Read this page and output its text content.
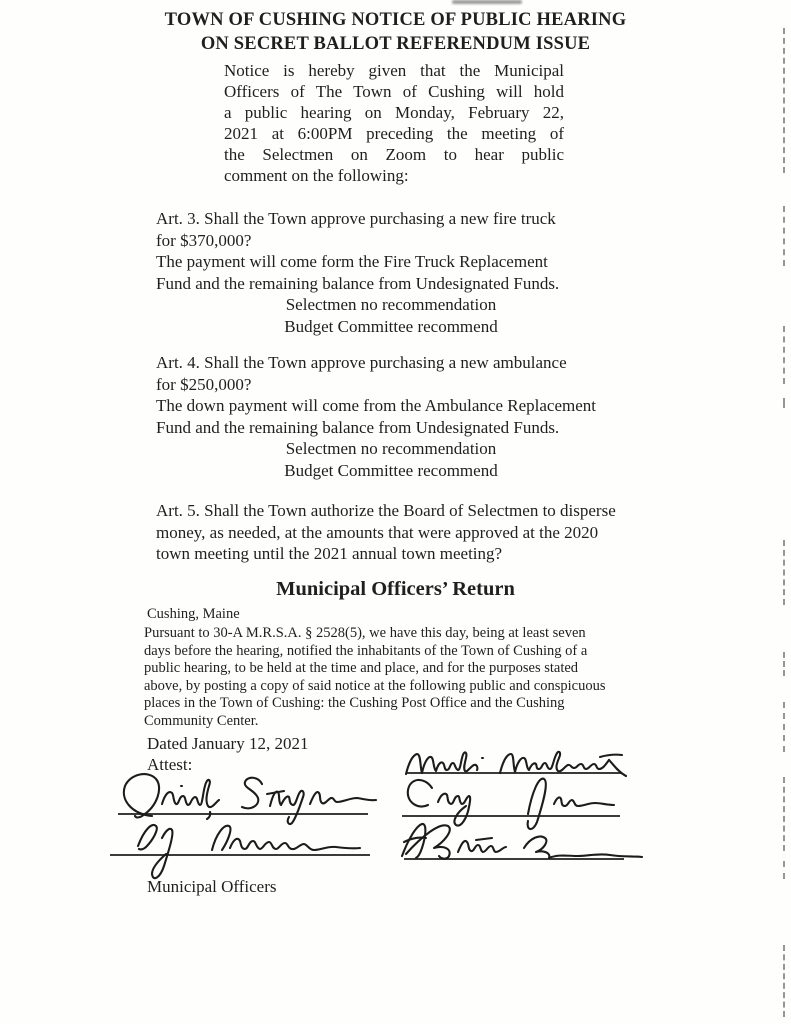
TOWN OF CUSHING NOTICE OF PUBLIC HEARING
ON SECRET BALLOT REFERENDUM ISSUE
Notice is hereby given that the Municipal
Officers of The Town of Cushing will hold
a public hearing on Monday, February 22,
2021 at 6:00PM preceding the meeting of
the Selectmen on Zoom to hear public
comment on the following:
Art. 3. Shall the Town approve purchasing a new fire truck
for $370,000?
The payment will come form the Fire Truck Replacement
Fund and the remaining balance from Undesignated Funds.
Selectmen no recommendation
Budget Committee recommend
Art. 4. Shall the Town approve purchasing a new ambulance
for $250,000?
The down payment will come from the Ambulance Replacement
Fund and the remaining balance from Undesignated Funds.
Selectmen no recommendation
Budget Committee recommend
Art. 5. Shall the Town authorize the Board of Selectmen to disperse
money, as needed, at the amounts that were approved at the 2020
town meeting until the 2021 annual town meeting?
Municipal Officers’ Return
Cushing, Maine
Pursuant to 30-A M.R.S.A. § 2528(5), we have this day, being at least seven
days before the hearing, notified the inhabitants of the Town of Cushing of a
public hearing, to be held at the time and place, and for the purposes stated
above, by posting a copy of said notice at the following public and conspicuous
places in the Town of Cushing: the Cushing Post Office and the Cushing
Community Center.
Dated January 12, 2021
Attest:
Municipal Officers
